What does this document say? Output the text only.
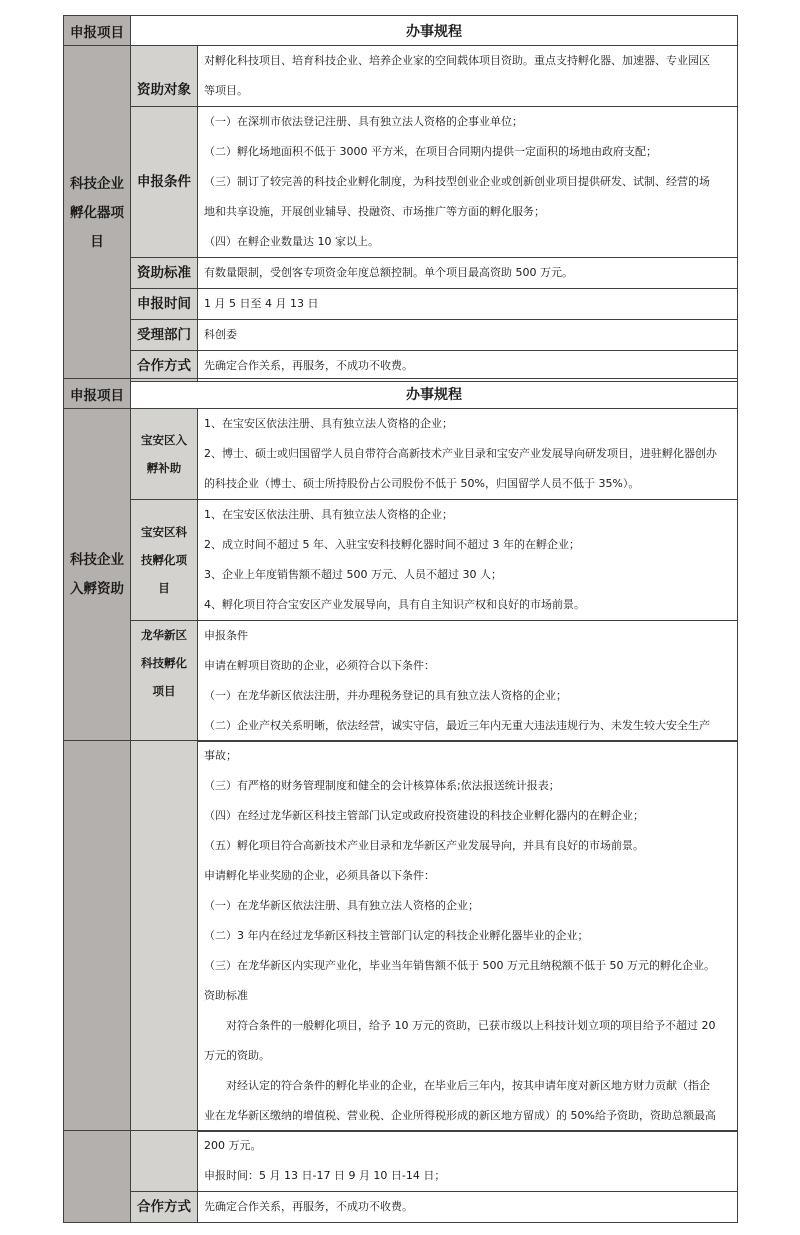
申报项目	办事规程	
科技企业孵化器项目	资助对象	对孵化科技项目、培育科技企业、培养企业家的空间载体项目资助。重点支持孵化器、加速器、专业园区
等项目。

	申报条件	（一）在深圳市依法登记注册、具有独立法人资格的企事业单位；
（二）孵化场地面积不低于 3000 平方米，在项目合同期内提供一定面积的场地由政府支配；
（三）制订了较完善的科技企业孵化制度，为科技型创业企业或创新创业项目提供研发、试制、经营的场
地和共享设施，开展创业辅导、投融资、市场推广等方面的孵化服务；
（四）在孵企业数量达 10 家以上。

	资助标准	有数量限制，受创客专项资金年度总额控制。单个项目最高资助 500 万元。

	申报时间	1 月 5 日至 4 月 13 日

	受理部门	科创委

	合作方式	先确定合作关系，再服务，不成功不收费。
申报项目	办事规程	
科技企业入孵资助	宝安区入孵补助	1、在宝安区依法注册、具有独立法人资格的企业；
2、博士、硕士或归国留学人员自带符合高新技术产业目录和宝安产业发展导向研发项目，进驻孵化器创办
的科技企业（博士、硕士所持股份占公司股份不低于 50%，归国留学人员不低于 35%）。

	宝安区科技孵化项目	1、在宝安区依法注册、具有独立法人资格的企业；
2、成立时间不超过 5 年、入驻宝安科技孵化器时间不超过 3 年的在孵企业；
3、企业上年度销售额不超过 500 万元、人员不超过 30 人；
4、孵化项目符合宝安区产业发展导向，具有自主知识产权和良好的市场前景。

	龙华新区科技孵化项目	申报条件
申请在孵项目资助的企业，必须符合以下条件：
（一）在龙华新区依法注册，并办理税务登记的具有独立法人资格的企业；
（二）企业产权关系明晰，依法经营，诚实守信，最近三年内无重大违法违规行为、未发生较大安全生产

事故；
（三）有严格的财务管理制度和健全的会计核算体系;依法报送统计报表；
（四）在经过龙华新区科技主管部门认定或政府投资建设的科技企业孵化器内的在孵企业；
（五）孵化项目符合高新技术产业目录和龙华新区产业发展导向，并具有良好的市场前景。
申请孵化毕业奖励的企业，必须具备以下条件：
（一）在龙华新区依法注册、具有独立法人资格的企业；
（二）3 年内在经过龙华新区科技主管部门认定的科技企业孵化器毕业的企业；
（三）在龙华新区内实现产业化，毕业当年销售额不低于 500 万元且纳税额不低于 50 万元的孵化企业。
资助标准
对符合条件的一般孵化项目，给予 10 万元的资助，已获市级以上科技计划立项的项目给予不超过 20
万元的资助。
对经认定的符合条件的孵化毕业的企业，在毕业后三年内，按其申请年度对新区地方财力贡献（指企
业在龙华新区缴纳的增值税、营业税、企业所得税形成的新区地方留成）的 50%给予资助，资助总额最高

		200 万元。
申报时间：5 月 13 日-17 日 9 月 10 日-14 日；

	合作方式	先确定合作关系，再服务，不成功不收费。
